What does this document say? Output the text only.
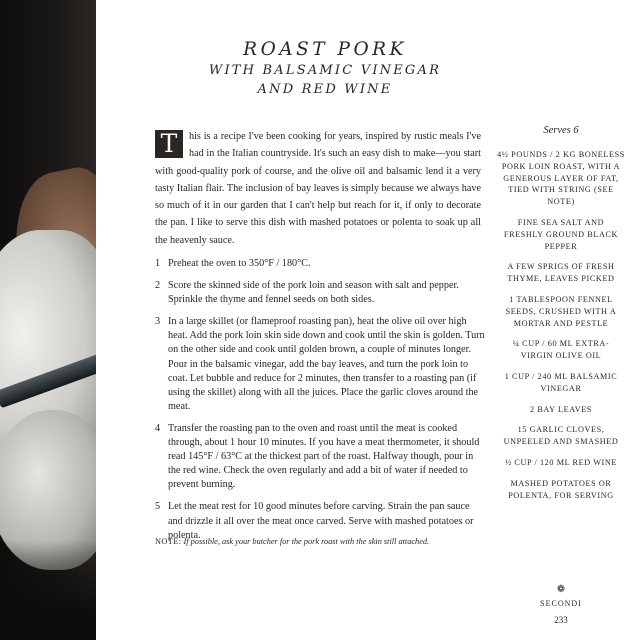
ROAST PORK
WITH BALSAMIC VINEGAR
AND RED WINE
T	his is a recipe I've been cooking for years, inspired by rustic meals I've had in the Italian countryside. It's such an easy dish to make—you start with good-quality pork of course, and the olive oil and balsamic lend it a very tasty Italian flair. The inclusion of bay leaves is simply because we always have so much of it in our garden that I can't help but reach for it, if only to decorate the pan. I like to serve this dish with mashed potatoes or polenta to soak up all the heavenly sauce.
1 Preheat the oven to 350°F / 180°C.
2 Score the skinned side of the pork loin and season with salt and pepper. Sprinkle the thyme and fennel seeds on both sides.
3 In a large skillet (or flameproof roasting pan), heat the olive oil over high heat. Add the pork loin skin side down and cook until the skin is golden. Turn on the other side and cook until golden brown, a couple of minutes longer. Pour in the balsamic vinegar, add the bay leaves, and turn the pork loin to coat. Let bubble and reduce for 2 minutes, then transfer to a roasting pan (if using the skillet) along with all the juices. Place the garlic cloves around the meat.
4 Transfer the roasting pan to the oven and roast until the meat is cooked through, about 1 hour 10 minutes. If you have a meat thermometer, it should read 145°F / 63°C at the thickest part of the roast. Halfway though, pour in the red wine. Check the oven regularly and add a bit of water if needed to prevent burning.
5 Let the meat rest for 10 good minutes before carving. Strain the pan sauce and drizzle it all over the meat once carved. Serve with mashed potatoes or polenta.
NOTE: If possible, ask your butcher for the pork roast with the skin still attached.
Serves 6
4½ POUNDS / 2 KG BONELESS PORK LOIN ROAST, WITH A GENEROUS LAYER OF FAT, TIED WITH STRING (SEE NOTE)
FINE SEA SALT AND FRESHLY GROUND BLACK PEPPER
A FEW SPRIGS OF FRESH THYME, LEAVES PICKED
1 TABLESPOON FENNEL SEEDS, CRUSHED WITH A MORTAR AND PESTLE
¼ CUP / 60 ML EXTRA-VIRGIN OLIVE OIL
1 CUP / 240 ML BALSAMIC VINEGAR
2 BAY LEAVES
15 GARLIC CLOVES, UNPEELED AND SMASHED
½ CUP / 120 ML RED WINE
MASHED POTATOES OR POLENTA, FOR SERVING
❁
SECONDI
233
